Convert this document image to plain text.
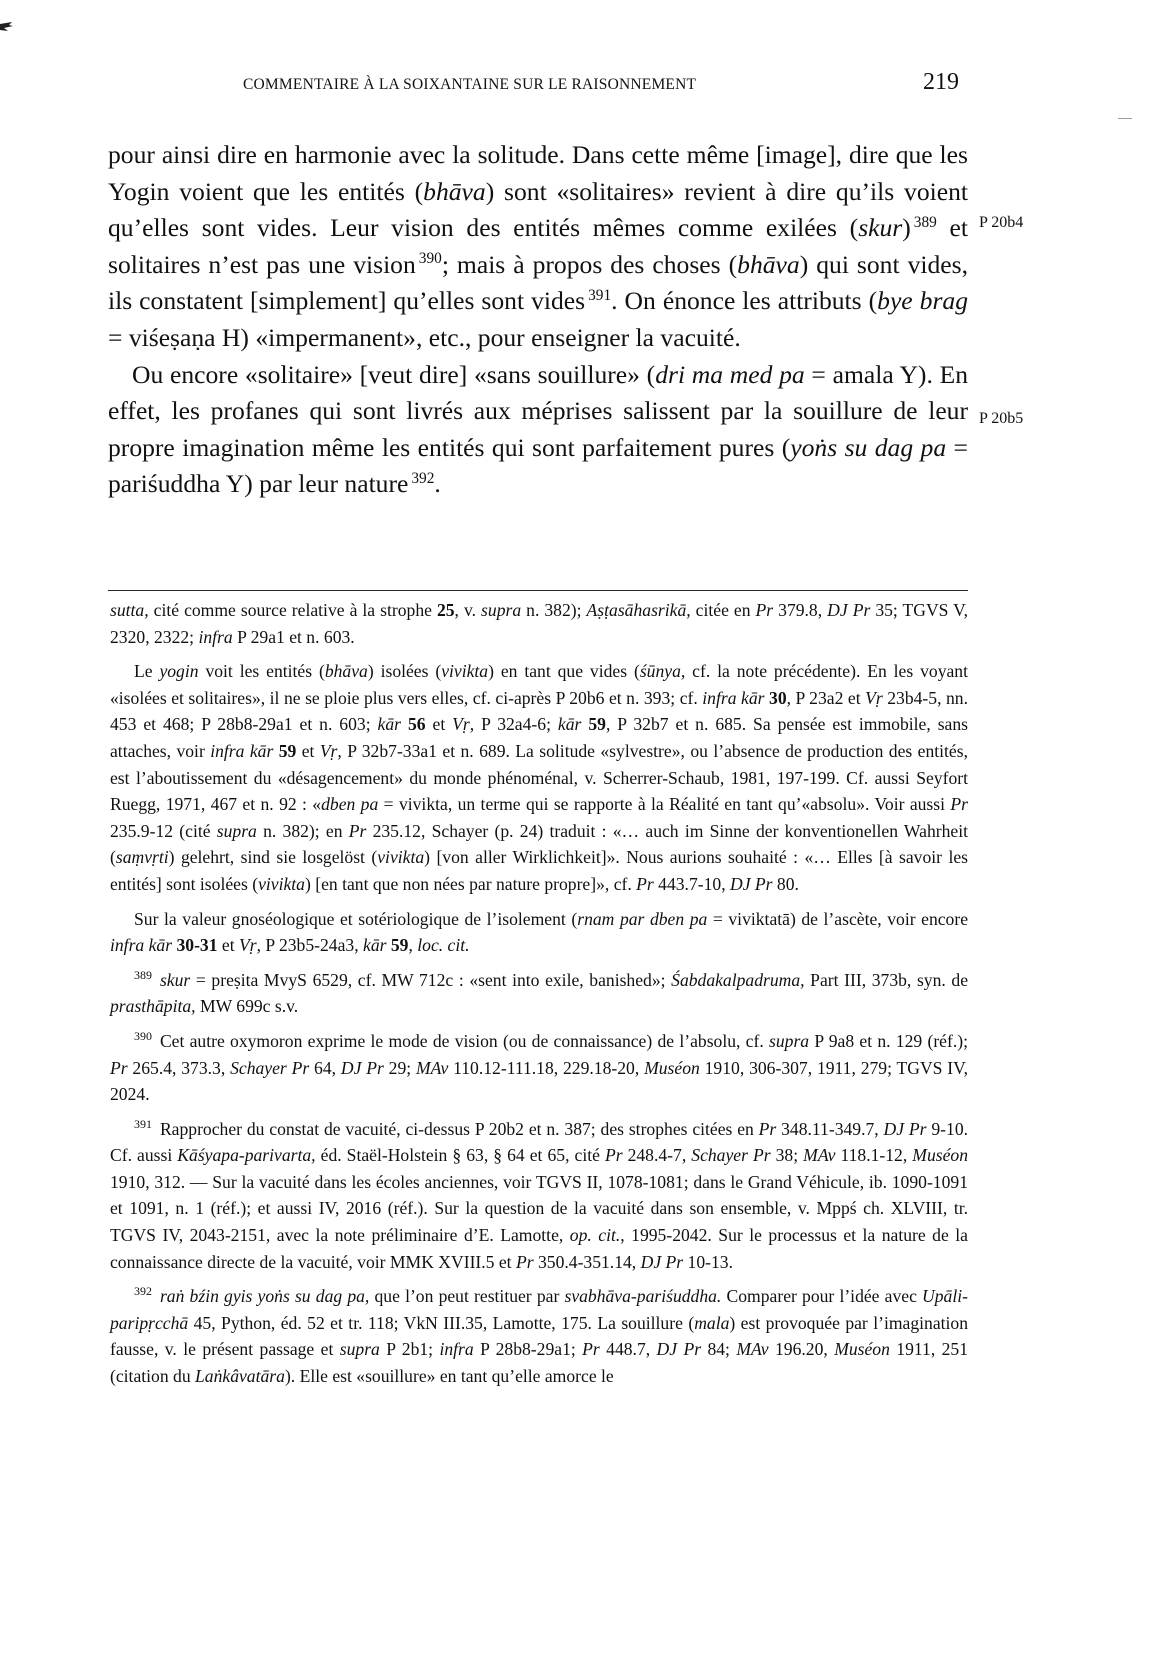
COMMENTAIRE À LA SOIXANTAINE SUR LE RAISONNEMENT	219
P 20b4
P 20b5

pour ainsi dire en harmonie avec la solitude. Dans cette même [image], dire que les Yogin voient que les entités (bhāva) sont «solitaires» revient à dire qu’ils voient qu’elles sont vides. Leur vision des entités mêmes comme exilées (skur) $^{389}$ et solitaires n’est pas une vision $^{390}$; mais à propos des choses (bhāva) qui sont vides, ils constatent [simplement] qu’elles sont vides $^{391}$. On énonce les attributs (bye brag = viśeṣaṇa H) «impermanent», etc., pour enseigner la vacuité.

Ou encore «solitaire» [veut dire] «sans souillure» (dri ma med pa = amala Y). En effet, les profanes qui sont livrés aux méprises salissent par la souillure de leur propre imagination même les entités qui sont parfaitement pures (yoṅs su dag pa = pariśuddha Y) par leur nature $^{392}$.

sutta, cité comme source relative à la strophe 25, v. supra n. 382); Aṣṭasāhasrikā, citée en Pr 379.8, DJ Pr 35; TGVS V, 2320, 2322; infra P 29a1 et n. 603.

Le yogin voit les entités (bhāva) isolées (vivikta) en tant que vides (śūnya, cf. la note précédente). En les voyant «isolées et solitaires», il ne se ploie plus vers elles, cf. ci-après P 20b6 et n. 393; cf. infra kār 30, P 23a2 et Vṛ 23b4-5, nn. 453 et 468; P 28b8-29a1 et n. 603; kār 56 et Vṛ, P 32a4-6; kār 59, P 32b7 et n. 685. Sa pensée est immobile, sans attaches, voir infra kār 59 et Vṛ, P 32b7-33a1 et n. 689. La solitude «sylvestre», ou l’absence de production des entités, est l’aboutissement du «désagencement» du monde phénoménal, v. Scherrer-Schaub, 1981, 197-199. Cf. aussi Seyfort Ruegg, 1971, 467 et n. 92 : «dben pa = vivikta, un terme qui se rapporte à la Réalité en tant qu’«absolu». Voir aussi Pr 235.9-12 (cité supra n. 382); en Pr 235.12, Schayer (p. 24) traduit : «… auch im Sinne der konventionellen Wahrheit (saṃvṛti) gelehrt, sind sie losgelöst (vivikta) [von aller Wirklichkeit]». Nous aurions souhaité : «… Elles [à savoir les entités] sont isolées (vivikta) [en tant que non nées par nature propre]», cf. Pr 443.7-10, DJ Pr 80.

Sur la valeur gnoséologique et sotériologique de l’isolement (rnam par dben pa = viviktatā) de l’ascète, voir encore infra kār 30-31 et Vṛ, P 23b5-24a3, kār 59, loc. cit.

$^{389}$ skur = preṣita MvyS 6529, cf. MW 712c : «sent into exile, banished»; Śabdakalpadruma, Part III, 373b, syn. de prasthāpita, MW 699c s.v.

$^{390}$ Cet autre oxymoron exprime le mode de vision (ou de connaissance) de l’absolu, cf. supra P 9a8 et n. 129 (réf.); Pr 265.4, 373.3, Schayer Pr 64, DJ Pr 29; MAv 110.12-111.18, 229.18-20, Muséon 1910, 306-307, 1911, 279; TGVS IV, 2024.

$^{391}$ Rapprocher du constat de vacuité, ci-dessus P 20b2 et n. 387; des strophes citées en Pr 348.11-349.7, DJ Pr 9-10. Cf. aussi Kāśyapa-parivarta, éd. Staël-Holstein § 63, § 64 et 65, cité Pr 248.4-7, Schayer Pr 38; MAv 118.1-12, Muséon 1910, 312. — Sur la vacuité dans les écoles anciennes, voir TGVS II, 1078-1081; dans le Grand Véhicule, ib. 1090-1091 et 1091, n. 1 (réf.); et aussi IV, 2016 (réf.). Sur la question de la vacuité dans son ensemble, v. Mppś ch. XLVIII, tr. TGVS IV, 2043-2151, avec la note préliminaire d’E. Lamotte, op. cit., 1995-2042. Sur le processus et la nature de la connaissance directe de la vacuité, voir MMK XVIII.5 et Pr 350.4-351.14, DJ Pr 10-13.

$^{392}$ raṅ bźin gyis yoṅs su dag pa, que l’on peut restituer par svabhāva-pariśuddha. Comparer pour l’idée avec Upāli-paripṛcchā 45, Python, éd. 52 et tr. 118; VkN III.35, Lamotte, 175. La souillure (mala) est provoquée par l’imagination fausse, v. le présent passage et supra P 2b1; infra P 28b8-29a1; Pr 448.7, DJ Pr 84; MAv 196.20, Muséon 1911, 251 (citation du Laṅkâvatāra). Elle est «souillure» en tant qu’elle amorce le
